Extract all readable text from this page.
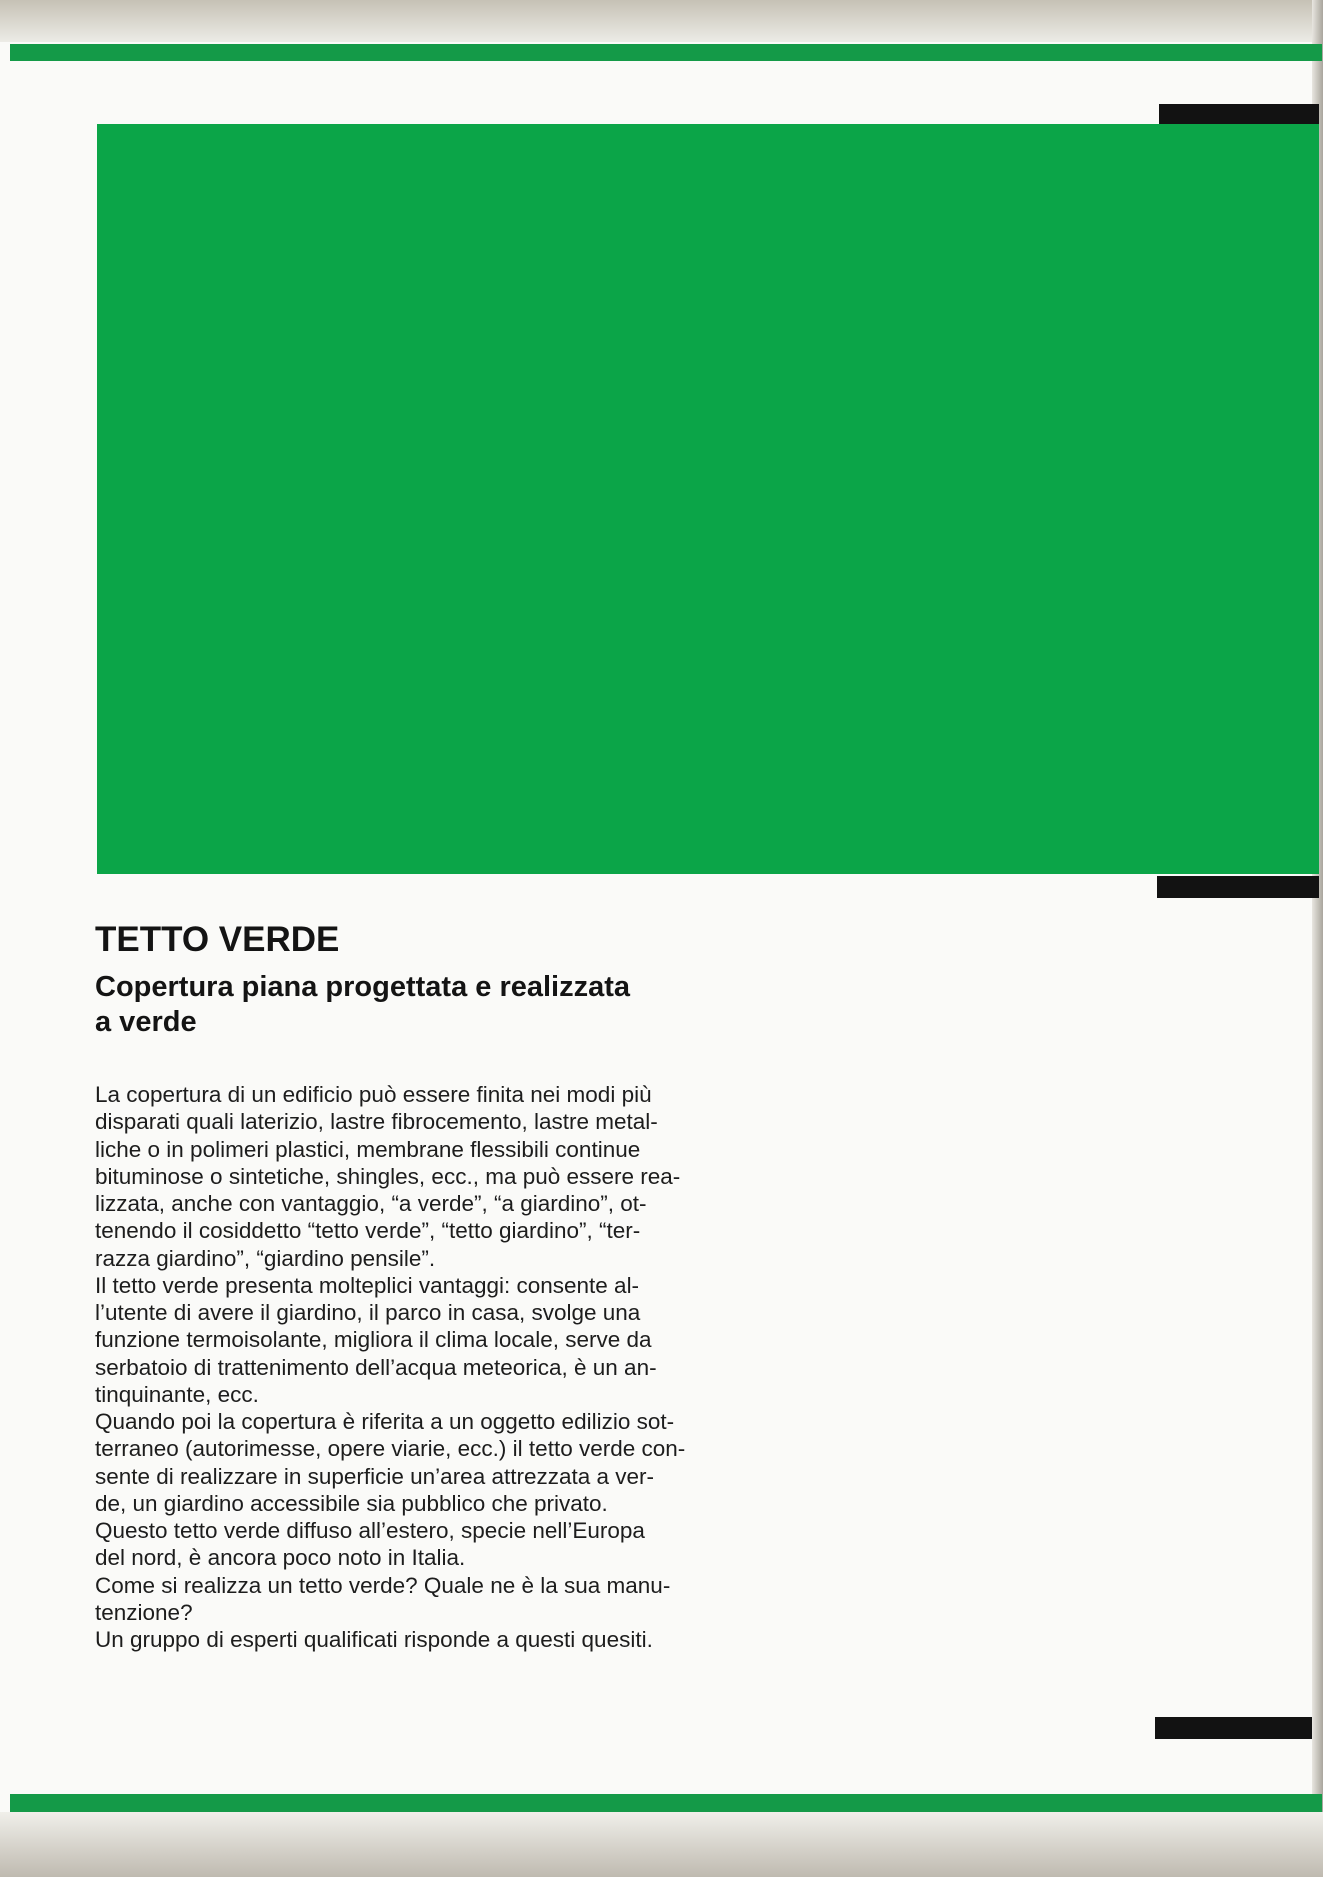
TETTO VERDE
Copertura piana progettata e realizzata
a verde

La copertura di un edificio può essere finita nei modi più
disparati quali laterizio, lastre fibrocemento, lastre metal-
liche o in polimeri plastici, membrane flessibili continue
bituminose o sintetiche, shingles, ecc., ma può essere rea-
lizzata, anche con vantaggio, “a verde”, “a giardino”, ot-
tenendo il cosiddetto “tetto verde”, “tetto giardino”, “ter-
razza giardino”, “giardino pensile”.
Il tetto verde presenta molteplici vantaggi: consente al-
l’utente di avere il giardino, il parco in casa, svolge una
funzione termoisolante, migliora il clima locale, serve da
serbatoio di trattenimento dell’acqua meteorica, è un an-
tinquinante, ecc.
Quando poi la copertura è riferita a un oggetto edilizio sot-
terraneo (autorimesse, opere viarie, ecc.) il tetto verde con-
sente di realizzare in superficie un’area attrezzata a ver-
de, un giardino accessibile sia pubblico che privato.
Questo tetto verde diffuso all’estero, specie nell’Europa
del nord, è ancora poco noto in Italia.
Come si realizza un tetto verde? Quale ne è la sua manu-
tenzione?
Un gruppo di esperti qualificati risponde a questi quesiti.
